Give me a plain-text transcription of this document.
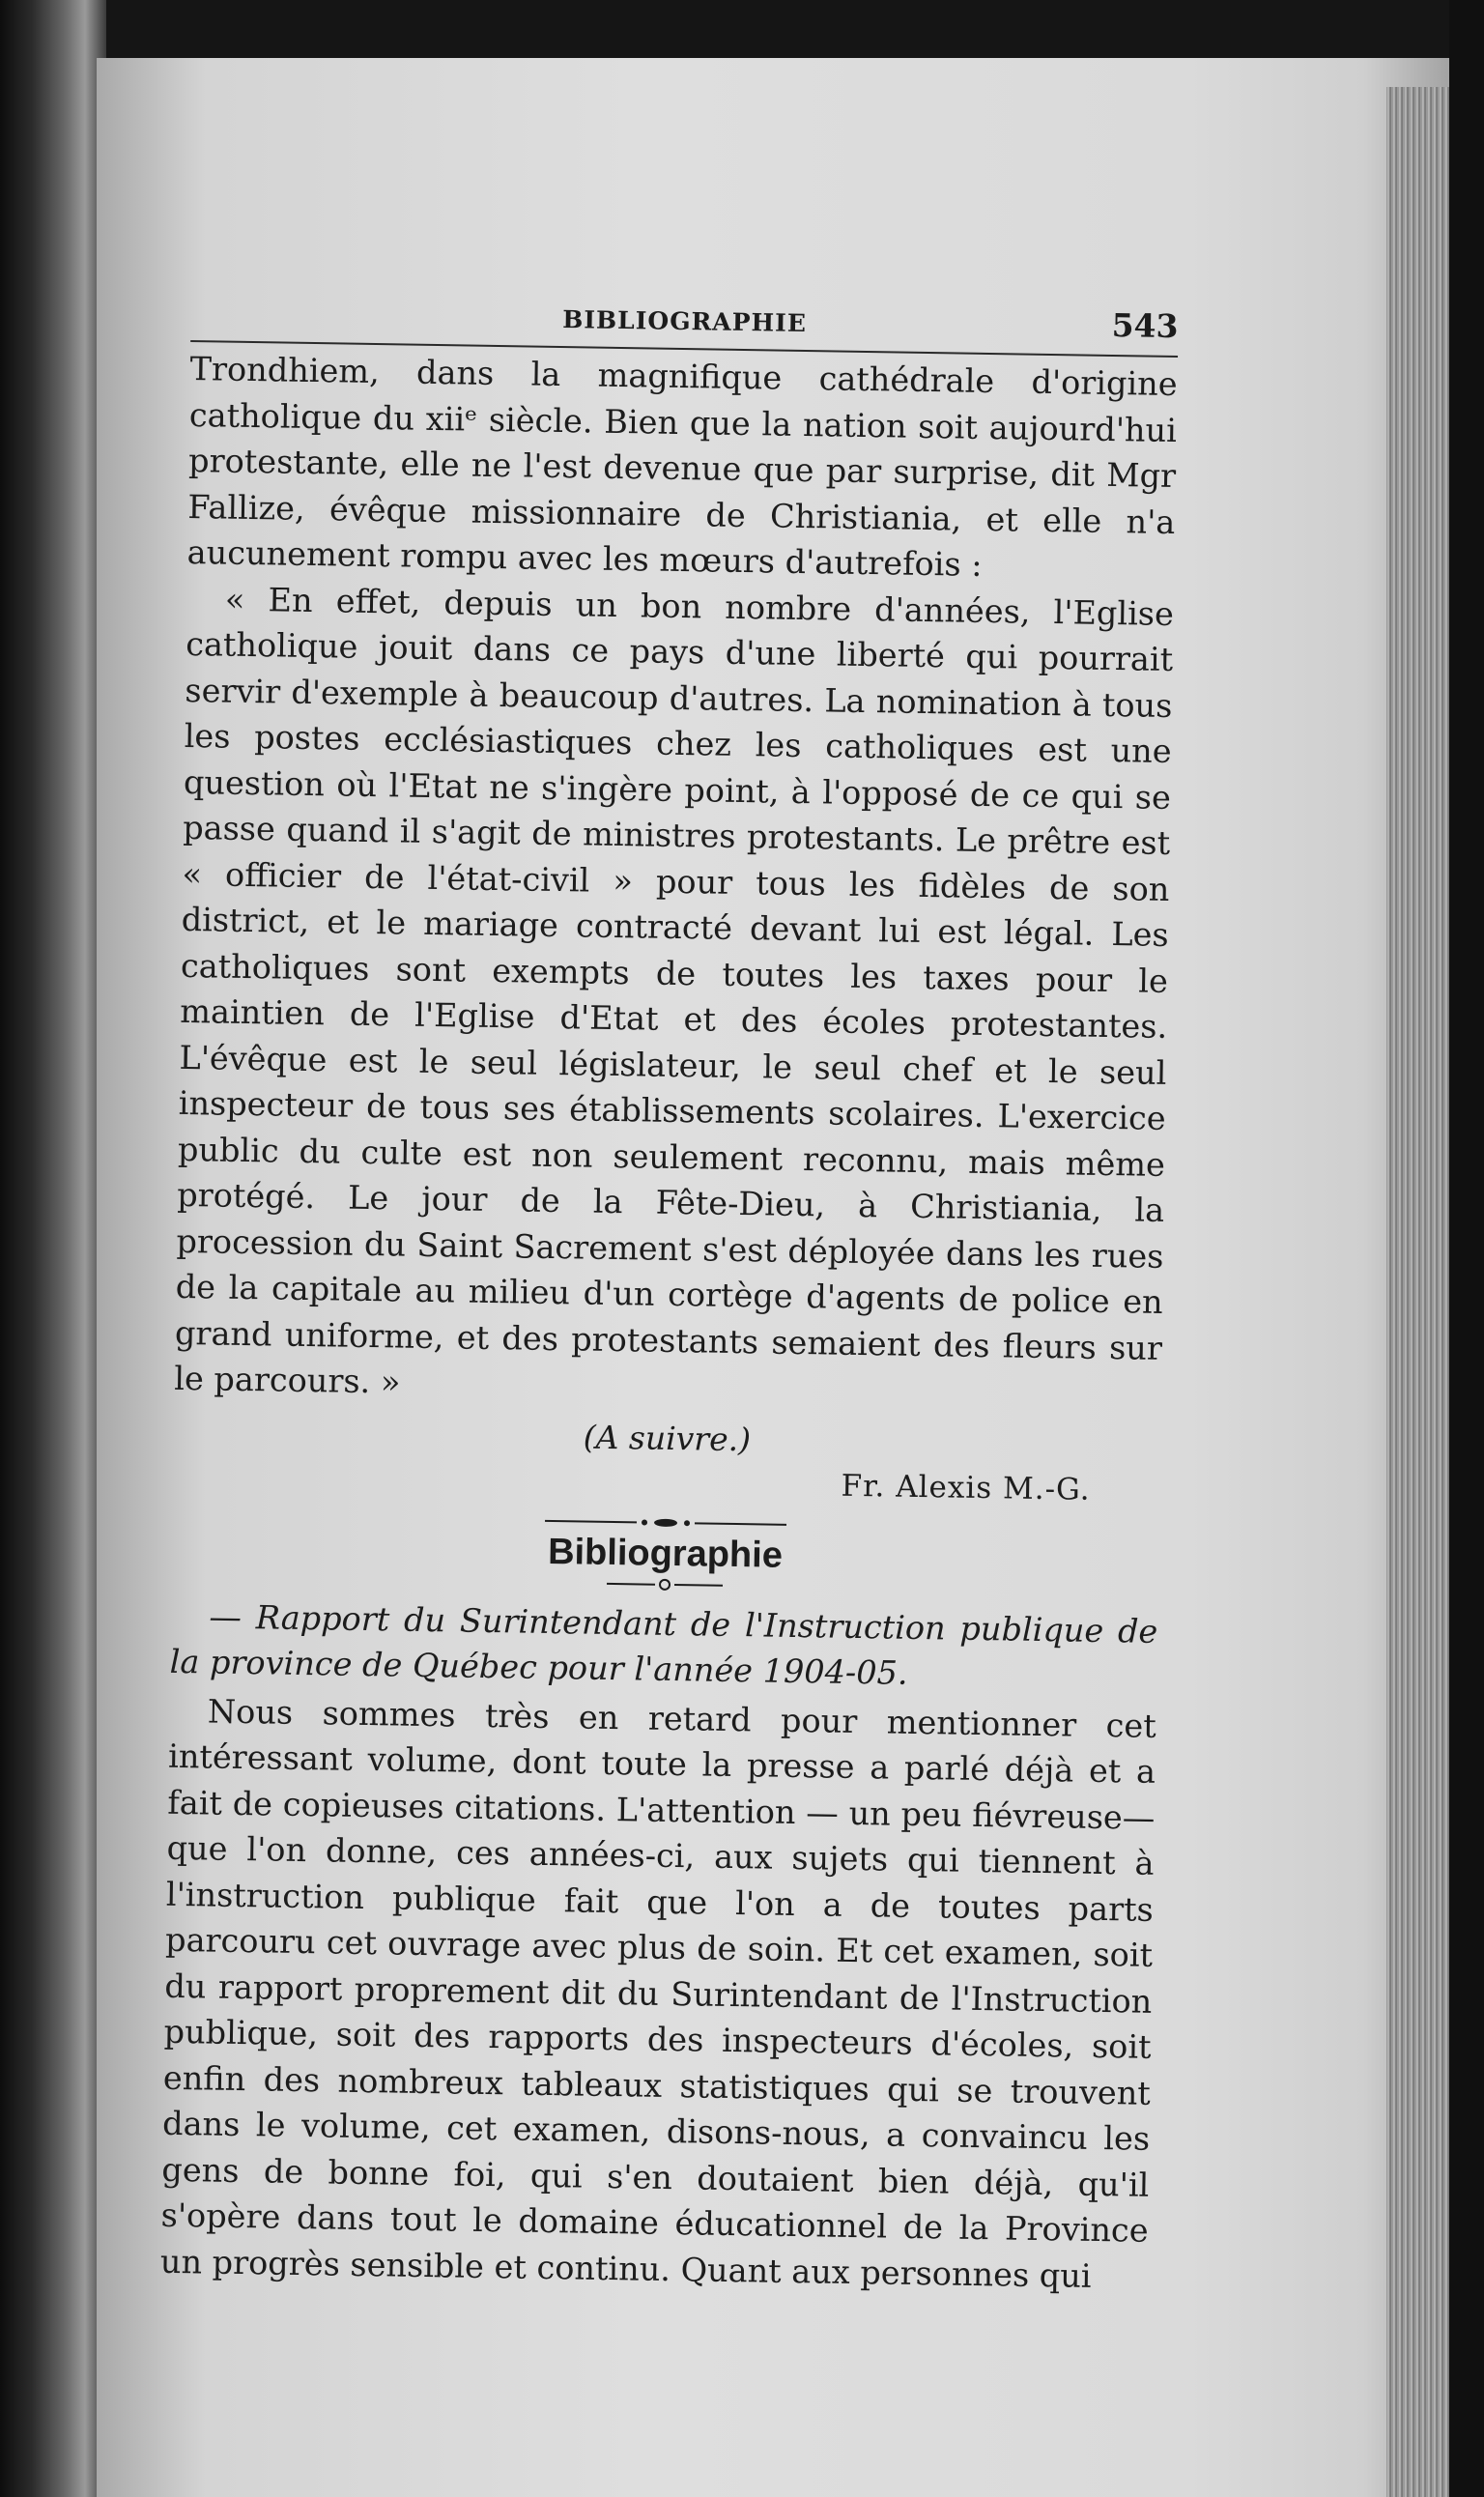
BIBLIOGRAPHIE	543

Trondhiem, dans la magnifique cathédrale d'origine catholique du xiiᵉ siècle. Bien que la nation soit aujourd'hui protestante, elle ne l'est devenue que par surprise, dit Mgr Fallize, évêque missionnaire de Christiania, et elle n'a aucunement rompu avec les mœurs d'autrefois :

« En effet, depuis un bon nombre d'années, l'Eglise catholique jouit dans ce pays d'une liberté qui pourrait servir d'exemple à beaucoup d'autres. La nomination à tous les postes ecclésiastiques chez les catholiques est une question où l'Etat ne s'ingère point, à l'opposé de ce qui se passe quand il s'agit de ministres protestants. Le prêtre est « officier de l'état-civil » pour tous les fidèles de son district, et le mariage contracté devant lui est légal. Les catholiques sont exempts de toutes les taxes pour le maintien de l'Eglise d'Etat et des écoles protestantes. L'évêque est le seul législateur, le seul chef et le seul inspecteur de tous ses établissements scolaires. L'exercice public du culte est non seulement reconnu, mais même protégé. Le jour de la Fête-Dieu, à Christiania, la procession du Saint Sacrement s'est déployée dans les rues de la capitale au milieu d'un cortège d'agents de police en grand uniforme, et des protestants semaient des fleurs sur le parcours. »

(A suivre.)
Fr. Alexis M.-G.
Bibliographie
— Rapport du Surintendant de l'Instruction publique de la province de Québec pour l'année 1904-05.

Nous sommes très en retard pour mentionner cet intéressant volume, dont toute la presse a parlé déjà et a fait de copieuses citations. L'attention — un peu fiévreuse— que l'on donne, ces années-ci, aux sujets qui tiennent à l'instruction publique fait que l'on a de toutes parts parcouru cet ouvrage avec plus de soin. Et cet examen, soit du rapport proprement dit du Surintendant de l'Instruction publique, soit des rapports des inspecteurs d'écoles, soit enfin des nombreux tableaux statistiques qui se trouvent dans le volume, cet examen, disons-nous, a convaincu les gens de bonne foi, qui s'en doutaient bien déjà, qu'il s'opère dans tout le domaine éducationnel de la Province un progrès sensible et continu. Quant aux personnes qui
